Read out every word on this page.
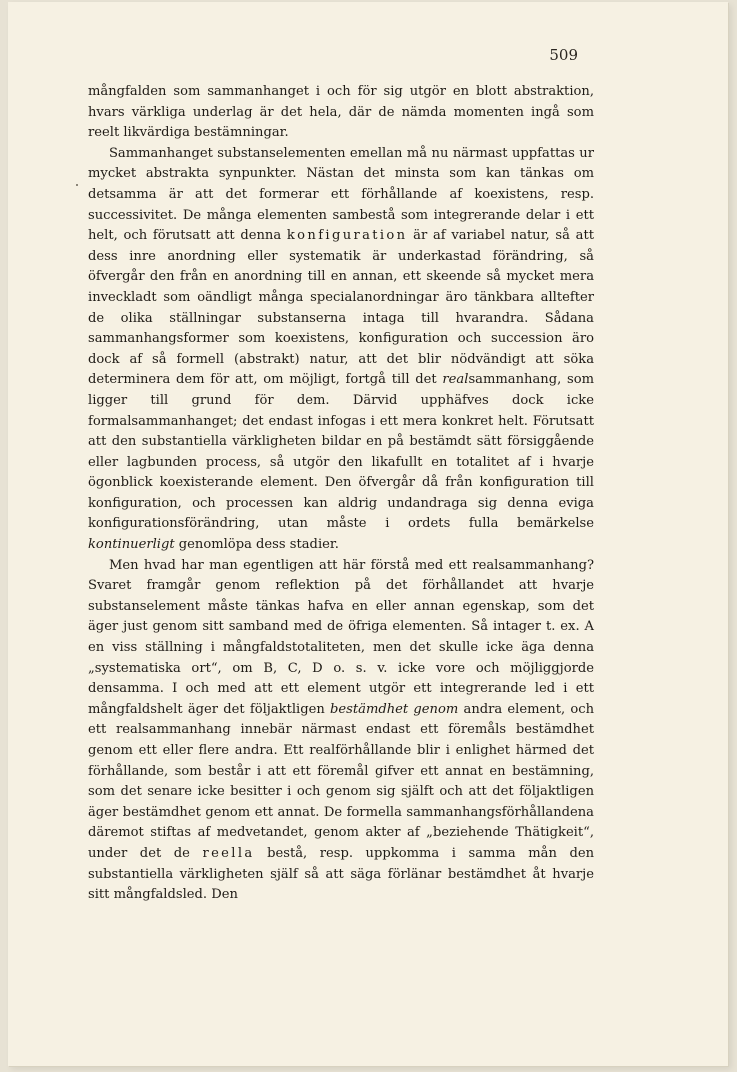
509

mångfalden som sammanhanget i och för sig utgör en blott abstraktion, hvars värkliga underlag är det hela, där de nämda momenten ingå som reelt likvärdiga bestämningar.

Sammanhanget substanselementen emellan må nu närmast uppfattas ur mycket abstrakta synpunkter. Nästan det minsta som kan tänkas om detsamma är att det formerar ett förhållande af koexistens, resp. successivitet. De många elementen sambestå som integrerande delar i ett helt, och förutsatt att denna konfiguration är af variabel natur, så att dess inre anordning eller systematik är underkastad förändring, så öfvergår den från en anordning till en annan, ett skeende så mycket mera inveckladt som oändligt många specialanordningar äro tänkbara alltefter de olika ställningar substanserna intaga till hvarandra. Sådana sammanhangsformer som koexistens, konfiguration och succession äro dock af så formell (abstrakt) natur, att det blir nödvändigt att söka determinera dem för att, om möjligt, fortgå till det realsammanhang, som ligger till grund för dem. Därvid upphäfves dock icke formalsammanhanget; det endast infogas i ett mera konkret helt. Förutsatt att den substantiella värkligheten bildar en på bestämdt sätt försiggående eller lagbunden process, så utgör den likafullt en totalitet af i hvarje ögonblick koexisterande element. Den öfvergår då från konfiguration till konfiguration, och processen kan aldrig undandraga sig denna eviga konfigurationsförändring, utan måste i ordets fulla bemärkelse kontinuerligt genomlöpa dess stadier.

Men hvad har man egentligen att här förstå med ett realsammanhang? Svaret framgår genom reflektion på det förhållandet att hvarje substanselement måste tänkas hafva en eller annan egenskap, som det äger just genom sitt samband med de öfriga elementen. Så intager t. ex. A en viss ställning i mångfaldstotaliteten, men det skulle icke äga denna „systematiska ort“, om B, C, D o. s. v. icke vore och möjliggjorde densamma. I och med att ett element utgör ett integrerande led i ett mångfaldshelt äger det följaktligen bestämdhet genom andra element, och ett realsammanhang innebär närmast endast ett föremåls bestämdhet genom ett eller flere andra. Ett realförhållande blir i enlighet härmed det förhållande, som består i att ett föremål gifver ett annat en bestämning, som det senare icke besitter i och genom sig själft och att det följaktligen äger bestämdhet genom ett annat. De formella sammanhangsförhållandena däremot stiftas af medvetandet, genom akter af „beziehende Thätigkeit“, under det de reella bestå, resp. uppkomma i samma mån den substantiella värkligheten själf så att säga förlänar bestämdhet åt hvarje sitt mångfaldsled. Den
